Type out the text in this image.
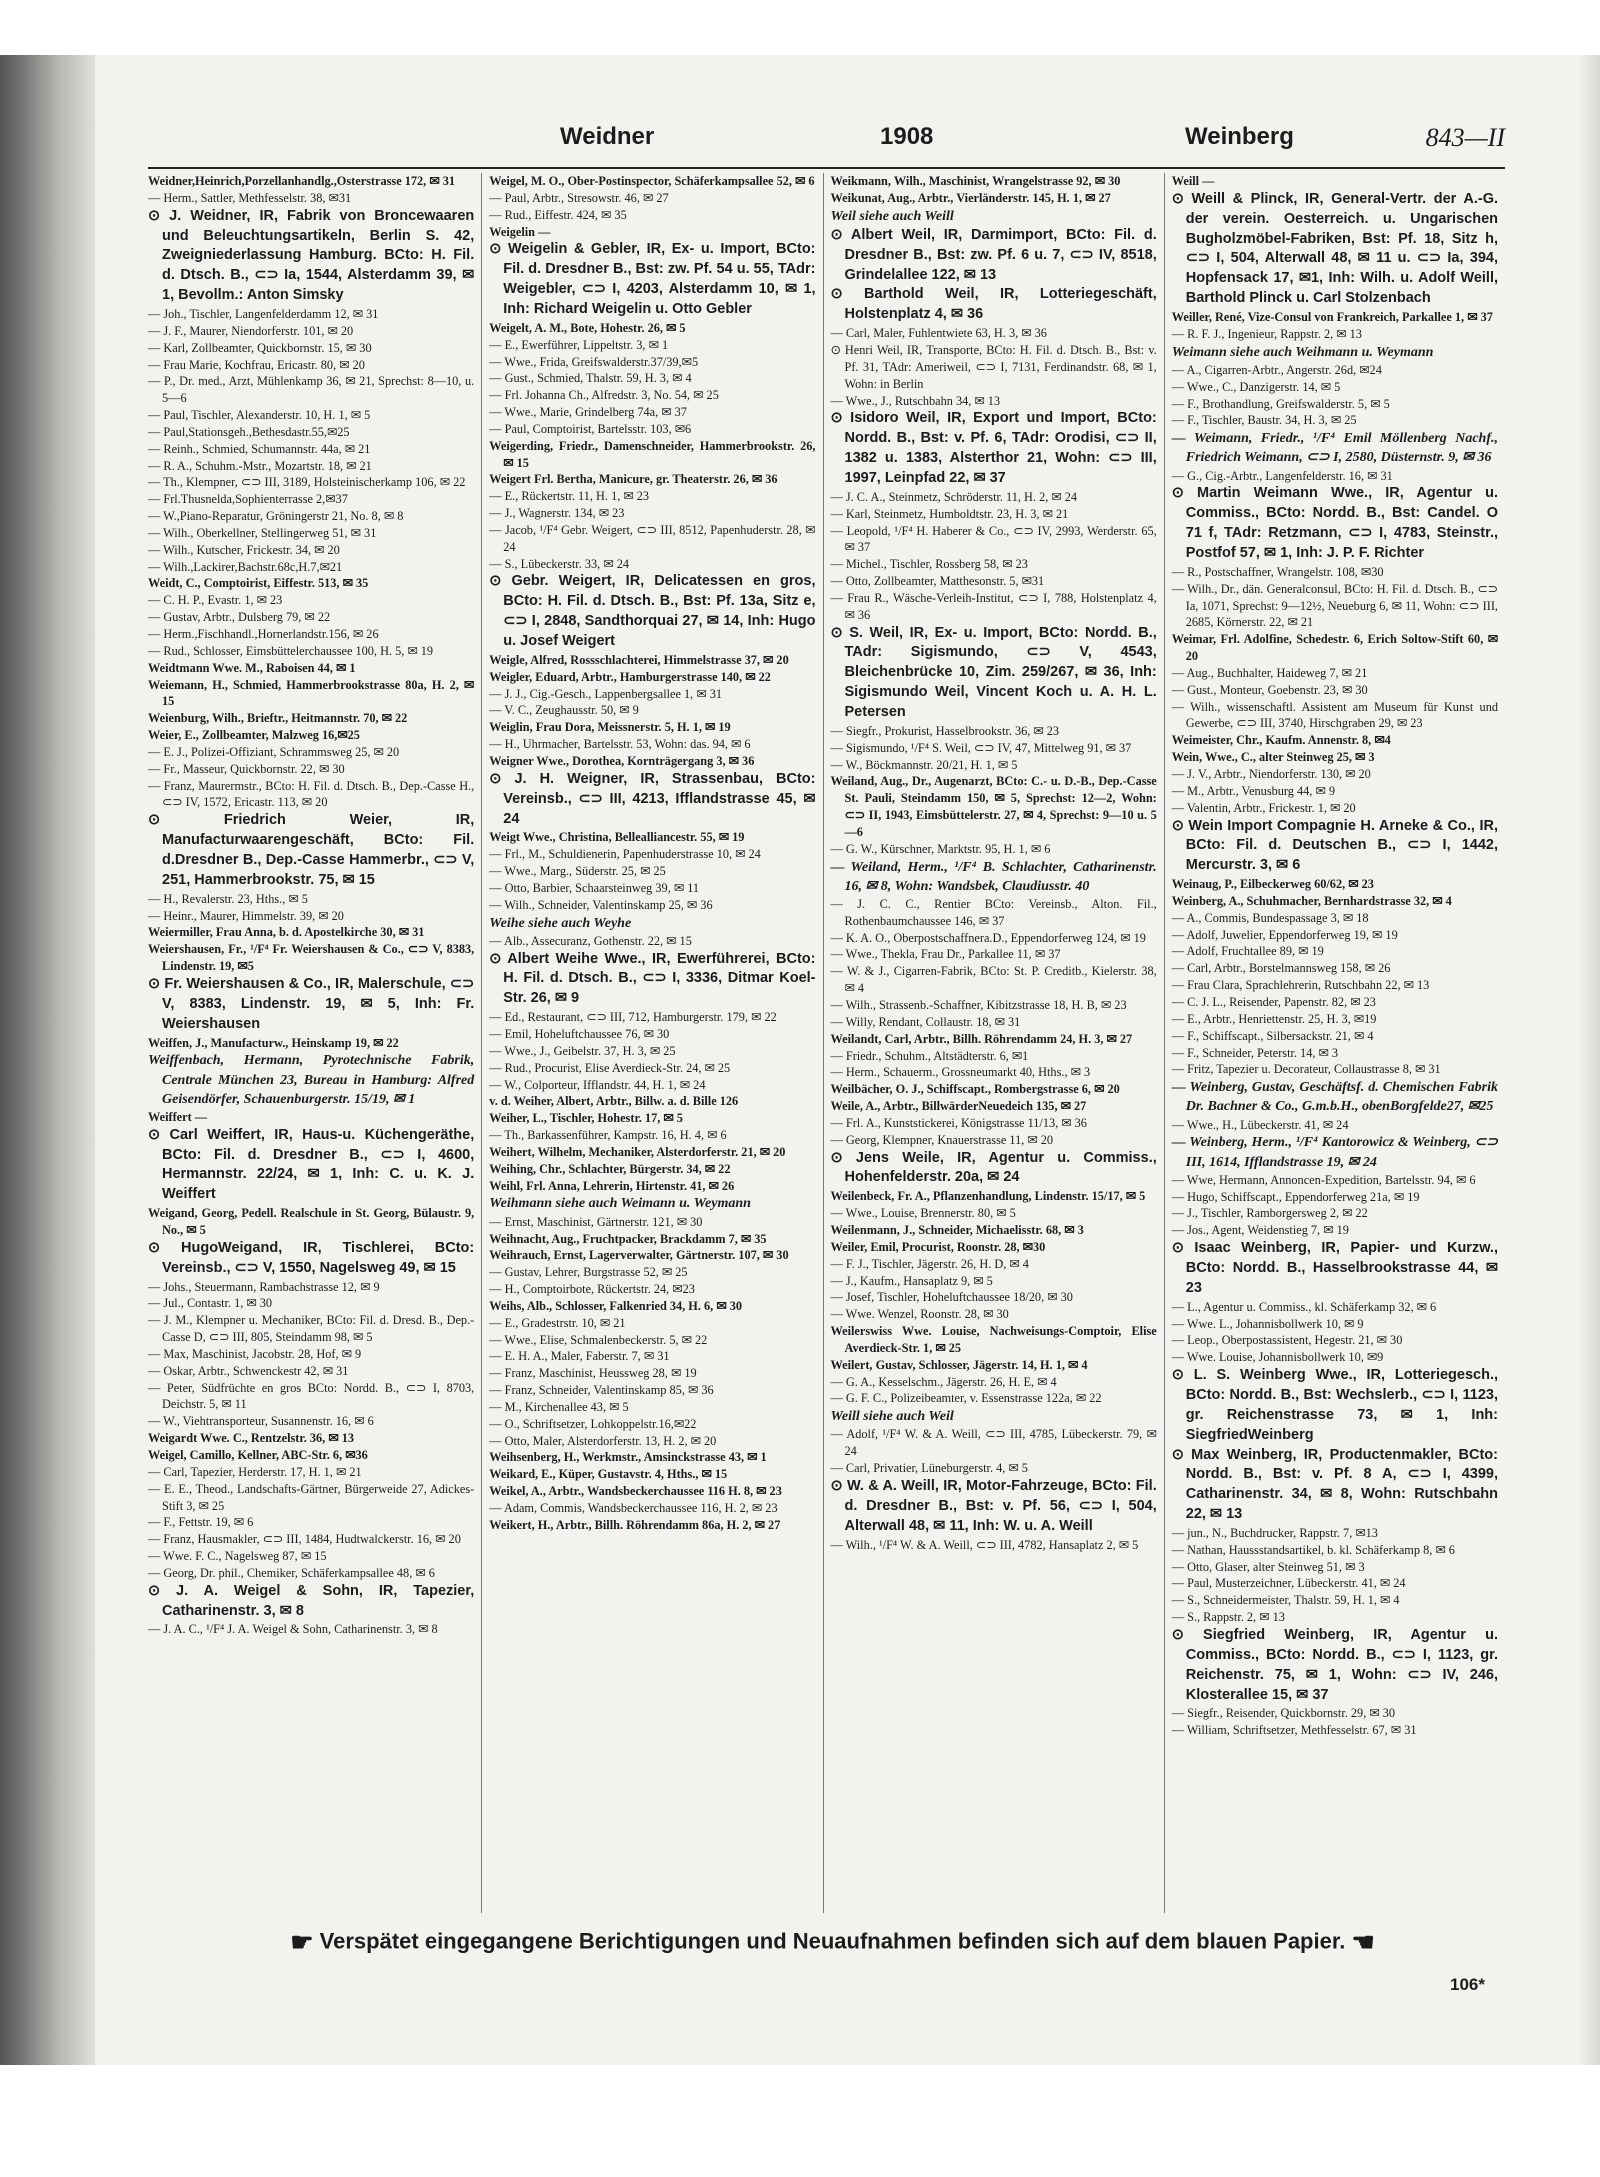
Weidner	1908	Weinberg	843—II
Weidner,Heinrich,Porzellanhandlg.,Osterstrasse 172, ✉ 31
— Herm., Sattler, Methfesselstr. 38, ✉31
⊙ J. Weidner, IR, Fabrik von Broncewaaren und Beleuchtungsartikeln, Berlin S. 42, Zweigniederlassung Hamburg. BCto: H. Fil. d. Dtsch. B., ⊂⊃ Ia, 1544, Alsterdamm 39, ✉ 1, Bevollm.: Anton Simsky
— Joh., Tischler, Langenfelderdamm 12, ✉ 31
— J. F., Maurer, Niendorferstr. 101, ✉ 20
— Karl, Zollbeamter, Quickbornstr. 15, ✉ 30
— Frau Marie, Kochfrau, Ericastr. 80, ✉ 20
— P., Dr. med., Arzt, Mühlenkamp 36, ✉ 21, Sprechst: 8—10, u. 5—6
— Paul, Tischler, Alexanderstr. 10, H. 1, ✉ 5
— Paul,Stationsgeh.,Bethesdastr.55,✉25
— Reinh., Schmied, Schumannstr. 44a, ✉ 21
— R. A., Schuhm.-Mstr., Mozartstr. 18, ✉ 21
— Th., Klempner, ⊂⊃ III, 3189, Holsteinischerkamp 106, ✉ 22
— Frl.Thusnelda,Sophienterrasse 2,✉37
— W.,Piano-Reparatur, Gröningerstr 21, No. 8, ✉ 8
— Wilh., Oberkellner, Stellingerweg 51, ✉ 31
— Wilh., Kutscher, Frickestr. 34, ✉ 20
— Wilh.,Lackirer,Bachstr.68c,H.7,✉21
Weidt, C., Comptoirist, Eiffestr. 513, ✉ 35
— C. H. P., Evastr. 1, ✉ 23
— Gustav, Arbtr., Dulsberg 79, ✉ 22
— Herm.,Fischhandl.,Hornerlandstr.156, ✉ 26
— Rud., Schlosser, Eimsbüttelerchaussee 100, H. 5, ✉ 19
Weidtmann Wwe. M., Raboisen 44, ✉ 1
Weiemann, H., Schmied, Hammerbrookstrasse 80a, H. 2, ✉ 15
Weienburg, Wilh., Brieftr., Heitmannstr. 70, ✉ 22
Weier, E., Zollbeamter, Malzweg 16,✉25
— E. J., Polizei-Offiziant, Schrammsweg 25, ✉ 20
— Fr., Masseur, Quickbornstr. 22, ✉ 30
— Franz, Maurermstr., BCto: H. Fil. d. Dtsch. B., Dep.-Casse H., ⊂⊃ IV, 1572, Ericastr. 113, ✉ 20
⊙ Friedrich Weier, IR, Manufacturwaarengeschäft, BCto: Fil. d.Dresdner B., Dep.-Casse Hammerbr., ⊂⊃ V, 251, Hammerbrookstr. 75, ✉ 15
— H., Revalerstr. 23, Hths., ✉ 5
— Heinr., Maurer, Himmelstr. 39, ✉ 20
Weiermiller, Frau Anna, b. d. Apostelkirche 30, ✉ 31
Weiershausen, Fr., ¹/F⁴ Fr. Weiershausen & Co., ⊂⊃ V, 8383, Lindenstr. 19, ✉5
⊙ Fr. Weiershausen & Co., IR, Malerschule, ⊂⊃ V, 8383, Lindenstr. 19, ✉ 5, Inh: Fr. Weiershausen
Weiffen, J., Manufacturw., Heinskamp 19, ✉ 22
Weiffenbach, Hermann, Pyrotechnische Fabrik, Centrale München 23, Bureau in Hamburg: Alfred Geisendörfer, Schauenburgerstr. 15/19, ✉ 1
Weiffert —
⊙ Carl Weiffert, IR, Haus-u. Küchengeräthe, BCto: Fil. d. Dresdner B., ⊂⊃ I, 4600, Hermannstr. 22/24, ✉ 1, Inh: C. u. K. J. Weiffert
Weigand, Georg, Pedell. Realschule in St. Georg, Bülaustr. 9, No., ✉ 5
⊙ HugoWeigand, IR, Tischlerei, BCto: Vereinsb., ⊂⊃ V, 1550, Nagelsweg 49, ✉ 15
— Johs., Steuermann, Rambachstrasse 12, ✉ 9
— Jul., Contastr. 1, ✉ 30
— J. M., Klempner u. Mechaniker, BCto: Fil. d. Dresd. B., Dep.-Casse D, ⊂⊃ III, 805, Steindamm 98, ✉ 5
— Max, Maschinist, Jacobstr. 28, Hof, ✉ 9
— Oskar, Arbtr., Schwenckestr 42, ✉ 31
— Peter, Südfrüchte en gros BCto: Nordd. B., ⊂⊃ I, 8703, Deichstr. 5, ✉ 11
— W., Viehtransporteur, Susannenstr. 16, ✉ 6
Weigardt Wwe. C., Rentzelstr. 36, ✉ 13
Weigel, Camillo, Kellner, ABC-Str. 6, ✉36
— Carl, Tapezier, Herderstr. 17, H. 1, ✉ 21
— E. E., Theod., Landschafts-Gärtner, Bürgerweide 27, Adickes-Stift 3, ✉ 25
— F., Fettstr. 19, ✉ 6
— Franz, Hausmakler, ⊂⊃ III, 1484, Hudtwalckerstr. 16, ✉ 20
— Wwe. F. C., Nagelsweg 87, ✉ 15
— Georg, Dr. phil., Chemiker, Schäferkampsallee 48, ✉ 6
⊙ J. A. Weigel & Sohn, IR, Tapezier, Catharinenstr. 3, ✉ 8
— J. A. C., ¹/F⁴ J. A. Weigel & Sohn, Catharinenstr. 3, ✉ 8
Weigel, M. O., Ober-Postinspector, Schäferkampsallee 52, ✉ 6
— Paul, Arbtr., Stresowstr. 46, ✉ 27
— Rud., Eiffestr. 424, ✉ 35
Weigelin —
⊙ Weigelin & Gebler, IR, Ex- u. Import, BCto: Fil. d. Dresdner B., Bst: zw. Pf. 54 u. 55, TAdr: Weigebler, ⊂⊃ I, 4203, Alsterdamm 10, ✉ 1, Inh: Richard Weigelin u. Otto Gebler
Weigelt, A. M., Bote, Hohestr. 26, ✉ 5
— E., Ewerführer, Lippeltstr. 3, ✉ 1
— Wwe., Frida, Greifswalderstr.37/39,✉5
— Gust., Schmied, Thalstr. 59, H. 3, ✉ 4
— Frl. Johanna Ch., Alfredstr. 3, No. 54, ✉ 25
— Wwe., Marie, Grindelberg 74a, ✉ 37
— Paul, Comptoirist, Bartelsstr. 103, ✉6
Weigerding, Friedr., Damenschneider, Hammerbrookstr. 26, ✉ 15
Weigert Frl. Bertha, Manicure, gr. Theaterstr. 26, ✉ 36
— E., Rückertstr. 11, H. 1, ✉ 23
— J., Wagnerstr. 134, ✉ 23
— Jacob, ¹/F⁴ Gebr. Weigert, ⊂⊃ III, 8512, Papenhuderstr. 28, ✉ 24
— S., Lübeckerstr. 33, ✉ 24
⊙ Gebr. Weigert, IR, Delicatessen en gros, BCto: H. Fil. d. Dtsch. B., Bst: Pf. 13a, Sitz e, ⊂⊃ I, 2848, Sandthorquai 27, ✉ 14, Inh: Hugo u. Josef Weigert
Weigle, Alfred, Rossschlachterei, Himmelstrasse 37, ✉ 20
Weigler, Eduard, Arbtr., Hamburgerstrasse 140, ✉ 22
— J. J., Cig.-Gesch., Lappenbergsallee 1, ✉ 31
— V. C., Zeughausstr. 50, ✉ 9
Weiglin, Frau Dora, Meissnerstr. 5, H. 1, ✉ 19
— H., Uhrmacher, Bartelsstr. 53, Wohn: das. 94, ✉ 6
Weigner Wwe., Dorothea, Kornträgergang 3, ✉ 36
⊙ J. H. Weigner, IR, Strassenbau, BCto: Vereinsb., ⊂⊃ III, 4213, Ifflandstrasse 45, ✉ 24
Weigt Wwe., Christina, Bellealliancestr. 55, ✉ 19
— Frl., M., Schuldienerin, Papenhuderstrasse 10, ✉ 24
— Wwe., Marg., Süderstr. 25, ✉ 25
— Otto, Barbier, Schaarsteinweg 39, ✉ 11
— Wilh., Schneider, Valentinskamp 25, ✉ 36
Weihe siehe auch Weyhe
— Alb., Assecuranz, Gothenstr. 22, ✉ 15
⊙ Albert Weihe Wwe., IR, Ewerführerei, BCto: H. Fil. d. Dtsch. B., ⊂⊃ I, 3336, Ditmar Koel-Str. 26, ✉ 9
— Ed., Restaurant, ⊂⊃ III, 712, Hamburgerstr. 179, ✉ 22
— Emil, Hoheluftchaussee 76, ✉ 30
— Wwe., J., Geibelstr. 37, H. 3, ✉ 25
— Rud., Procurist, Elise Averdieck-Str. 24, ✉ 25
— W., Colporteur, Ifflandstr. 44, H. 1, ✉ 24
v. d. Weiher, Albert, Arbtr., Billw. a. d. Bille 126
Weiher, L., Tischler, Hohestr. 17, ✉ 5
— Th., Barkassenführer, Kampstr. 16, H. 4, ✉ 6
Weihert, Wilhelm, Mechaniker, Alsterdorferstr. 21, ✉ 20
Weihing, Chr., Schlachter, Bürgerstr. 34, ✉ 22
Weihl, Frl. Anna, Lehrerin, Hirtenstr. 41, ✉ 26
Weihmann siehe auch Weimann u. Weymann
— Ernst, Maschinist, Gärtnerstr. 121, ✉ 30
Weihnacht, Aug., Fruchtpacker, Brackdamm 7, ✉ 35
Weihrauch, Ernst, Lagerverwalter, Gärtnerstr. 107, ✉ 30
— Gustav, Lehrer, Burgstrasse 52, ✉ 25
— H., Comptoirbote, Rückertstr. 24, ✉23
Weihs, Alb., Schlosser, Falkenried 34, H. 6, ✉ 30
— E., Gradestrstr. 10, ✉ 21
— Wwe., Elise, Schmalenbeckerstr. 5, ✉ 22
— E. H. A., Maler, Faberstr. 7, ✉ 31
— Franz, Maschinist, Heussweg 28, ✉ 19
— Franz, Schneider, Valentinskamp 85, ✉ 36
— M., Kirchenallee 43, ✉ 5
— O., Schriftsetzer, Lohkoppelstr.16,✉22
— Otto, Maler, Alsterdorferstr. 13, H. 2, ✉ 20
Weihsenberg, H., Werkmstr., Amsinckstrasse 43, ✉ 1
Weikard, E., Küper, Gustavstr. 4, Hths., ✉ 15
Weikel, A., Arbtr., Wandsbeckerchaussee 116 H. 8, ✉ 23
— Adam, Commis, Wandsbeckerchaussee 116, H. 2, ✉ 23
Weikert, H., Arbtr., Billh. Röhrendamm 86a, H. 2, ✉ 27
Weikmann, Wilh., Maschinist, Wrangelstrasse 92, ✉ 30
Weikunat, Aug., Arbtr., Vierländerstr. 145, H. 1, ✉ 27
Weil siehe auch Weill
⊙ Albert Weil, IR, Darmimport, BCto: Fil. d. Dresdner B., Bst: zw. Pf. 6 u. 7, ⊂⊃ IV, 8518, Grindelallee 122, ✉ 13
⊙ Barthold Weil, IR, Lotteriegeschäft, Holstenplatz 4, ✉ 36
— Carl, Maler, Fuhlentwiete 63, H. 3, ✉ 36
⊙ Henri Weil, IR, Transporte, BCto: H. Fil. d. Dtsch. B., Bst: v. Pf. 31, TAdr: Ameriweil, ⊂⊃ I, 7131, Ferdinandstr. 68, ✉ 1, Wohn: in Berlin
— Wwe., J., Rutschbahn 34, ✉ 13
⊙ Isidoro Weil, IR, Export und Import, BCto: Nordd. B., Bst: v. Pf. 6, TAdr: Orodisi, ⊂⊃ II, 1382 u. 1383, Alsterthor 21, Wohn: ⊂⊃ III, 1997, Leinpfad 22, ✉ 37
— J. C. A., Steinmetz, Schröderstr. 11, H. 2, ✉ 24
— Karl, Steinmetz, Humboldtstr. 23, H. 3, ✉ 21
— Leopold, ¹/F⁴ H. Haberer & Co., ⊂⊃ IV, 2993, Werderstr. 65, ✉ 37
— Michel., Tischler, Rossberg 58, ✉ 23
— Otto, Zollbeamter, Matthesonstr. 5, ✉31
— Frau R., Wäsche-Verleih-Institut, ⊂⊃ I, 788, Holstenplatz 4, ✉ 36
⊙ S. Weil, IR, Ex- u. Import, BCto: Nordd. B., TAdr: Sigismundo, ⊂⊃ V, 4543, Bleichenbrücke 10, Zim. 259/267, ✉ 36, Inh: Sigismundo Weil, Vincent Koch u. A. H. L. Petersen
— Siegfr., Prokurist, Hasselbrookstr. 36, ✉ 23
— Sigismundo, ¹/F⁴ S. Weil, ⊂⊃ IV, 47, Mittelweg 91, ✉ 37
— W., Böckmannstr. 20/21, H. 1, ✉ 5
Weiland, Aug., Dr., Augenarzt, BCto: C.- u. D.-B., Dep.-Casse St. Pauli, Steindamm 150, ✉ 5, Sprechst: 12—2, Wohn: ⊂⊃ II, 1943, Eimsbüttelerstr. 27, ✉ 4, Sprechst: 9—10 u. 5—6
— G. W., Kürschner, Marktstr. 95, H. 1, ✉ 6
— Weiland, Herm., ¹/F⁴ B. Schlachter, Catharinenstr. 16, ✉ 8, Wohn: Wandsbek, Claudiusstr. 40
— J. C. C., Rentier BCto: Vereinsb., Alton. Fil., Rothenbaumchaussee 146, ✉ 37
— K. A. O., Oberpostschaffnera.D., Eppendorferweg 124, ✉ 19
— Wwe., Thekla, Frau Dr., Parkallee 11, ✉ 37
— W. & J., Cigarren-Fabrik, BCto: St. P. Creditb., Kielerstr. 38, ✉ 4
— Wilh., Strassenb.-Schaffner, Kibitzstrasse 18, H. B, ✉ 23
— Willy, Rendant, Collaustr. 18, ✉ 31
Weilandt, Carl, Arbtr., Billh. Röhrendamm 24, H. 3, ✉ 27
— Friedr., Schuhm., Altstädterstr. 6, ✉1
— Herm., Schauerm., Grossneumarkt 40, Hths., ✉ 3
Weilbächer, O. J., Schiffscapt., Rombergstrasse 6, ✉ 20
Weile, A., Arbtr., BillwärderNeuedeich 135, ✉ 27
— Frl. A., Kunststickerei, Königstrasse 11/13, ✉ 36
— Georg, Klempner, Knauerstrasse 11, ✉ 20
⊙ Jens Weile, IR, Agentur u. Commiss., Hohenfelderstr. 20a, ✉ 24
Weilenbeck, Fr. A., Pflanzenhandlung, Lindenstr. 15/17, ✉ 5
— Wwe., Louise, Brennerstr. 80, ✉ 5
Weilenmann, J., Schneider, Michaelisstr. 68, ✉ 3
Weiler, Emil, Procurist, Roonstr. 28, ✉30
— F. J., Tischler, Jägerstr. 26, H. D, ✉ 4
— J., Kaufm., Hansaplatz 9, ✉ 5
— Josef, Tischler, Hoheluftchaussee 18/20, ✉ 30
— Wwe. Wenzel, Roonstr. 28, ✉ 30
Weilerswiss Wwe. Louise, Nachweisungs-Comptoir, Elise Averdieck-Str. 1, ✉ 25
Weilert, Gustav, Schlosser, Jägerstr. 14, H. 1, ✉ 4
— G. A., Kesselschm., Jägerstr. 26, H. E, ✉ 4
— G. F. C., Polizeibeamter, v. Essenstrasse 122a, ✉ 22
Weill siehe auch Weil
— Adolf, ¹/F⁴ W. & A. Weill, ⊂⊃ III, 4785, Lübeckerstr. 79, ✉ 24
— Carl, Privatier, Lüneburgerstr. 4, ✉ 5
⊙ W. & A. Weill, IR, Motor-Fahrzeuge, BCto: Fil. d. Dresdner B., Bst: v. Pf. 56, ⊂⊃ I, 504, Alterwall 48, ✉ 11, Inh: W. u. A. Weill
— Wilh., ¹/F⁴ W. & A. Weill, ⊂⊃ III, 4782, Hansaplatz 2, ✉ 5
Weill —
⊙ Weill & Plinck, IR, General-Vertr. der A.-G. der verein. Oesterreich. u. Ungarischen Bugholzmöbel-Fabriken, Bst: Pf. 18, Sitz h, ⊂⊃ I, 504, Alterwall 48, ✉ 11 u. ⊂⊃ Ia, 394, Hopfensack 17, ✉1, Inh: Wilh. u. Adolf Weill, Barthold Plinck u. Carl Stolzenbach
Weiller, René, Vize-Consul von Frankreich, Parkallee 1, ✉ 37
— R. F. J., Ingenieur, Rappstr. 2, ✉ 13
Weimann siehe auch Weihmann u. Weymann
— A., Cigarren-Arbtr., Angerstr. 26d, ✉24
— Wwe., C., Danzigerstr. 14, ✉ 5
— F., Brothandlung, Greifswalderstr. 5, ✉ 5
— F., Tischler, Baustr. 34, H. 3, ✉ 25
— Weimann, Friedr., ¹/F⁴ Emil Möllenberg Nachf., Friedrich Weimann, ⊂⊃ I, 2580, Düsternstr. 9, ✉ 36
— G., Cig.-Arbtr., Langenfelderstr. 16, ✉ 31
⊙ Martin Weimann Wwe., IR, Agentur u. Commiss., BCto: Nordd. B., Bst: Candel. O 71 f, TAdr: Retzmann, ⊂⊃ I, 4783, Steinstr., Postfof 57, ✉ 1, Inh: J. P. F. Richter
— R., Postschaffner, Wrangelstr. 108, ✉30
— Wilh., Dr., dän. Generalconsul, BCto: H. Fil. d. Dtsch. B., ⊂⊃ Ia, 1071, Sprechst: 9—12½, Neueburg 6, ✉ 11, Wohn: ⊂⊃ III, 2685, Körnerstr. 22, ✉ 21
Weimar, Frl. Adolfine, Schedestr. 6, Erich Soltow-Stift 60, ✉ 20
— Aug., Buchhalter, Haideweg 7, ✉ 21
— Gust., Monteur, Goebenstr. 23, ✉ 30
— Wilh., wissenschaftl. Assistent am Museum für Kunst und Gewerbe, ⊂⊃ III, 3740, Hirschgraben 29, ✉ 23
Weimeister, Chr., Kaufm. Annenstr. 8, ✉4
Wein, Wwe., C., alter Steinweg 25, ✉ 3
— J. V., Arbtr., Niendorferstr. 130, ✉ 20
— M., Arbtr., Venusburg 44, ✉ 9
— Valentin, Arbtr., Frickestr. 1, ✉ 20
⊙ Wein Import Compagnie H. Arneke & Co., IR, BCto: Fil. d. Deutschen B., ⊂⊃ I, 1442, Mercurstr. 3, ✉ 6
Weinaug, P., Eilbeckerweg 60/62, ✉ 23
Weinberg, A., Schuhmacher, Bernhardstrasse 32, ✉ 4
— A., Commis, Bundespassage 3, ✉ 18
— Adolf, Juwelier, Eppendorferweg 19, ✉ 19
— Adolf, Fruchtallee 89, ✉ 19
— Carl, Arbtr., Borstelmannsweg 158, ✉ 26
— Frau Clara, Sprachlehrerin, Rutschbahn 22, ✉ 13
— C. J. L., Reisender, Papenstr. 82, ✉ 23
— E., Arbtr., Henriettenstr. 25, H. 3, ✉19
— F., Schiffscapt., Silbersackstr. 21, ✉ 4
— F., Schneider, Peterstr. 14, ✉ 3
— Fritz, Tapezier u. Decorateur, Collaustrasse 8, ✉ 31
— Weinberg, Gustav, Geschäftsf. d. Chemischen Fabrik Dr. Bachner & Co., G.m.b.H., obenBorgfelde27, ✉25
— Wwe., H., Lübeckerstr. 41, ✉ 24
— Weinberg, Herm., ¹/F⁴ Kantorowicz & Weinberg, ⊂⊃ III, 1614, Ifflandstrasse 19, ✉ 24
— Wwe, Hermann, Annoncen-Expedition, Bartelsstr. 94, ✉ 6
— Hugo, Schiffscapt., Eppendorferweg 21a, ✉ 19
— J., Tischler, Ramborgersweg 2, ✉ 22
— Jos., Agent, Weidenstieg 7, ✉ 19
⊙ Isaac Weinberg, IR, Papier- und Kurzw., BCto: Nordd. B., Hasselbrookstrasse 44, ✉ 23
— L., Agentur u. Commiss., kl. Schäferkamp 32, ✉ 6
— Wwe. L., Johannisbollwerk 10, ✉ 9
— Leop., Oberpostassistent, Hegestr. 21, ✉ 30
— Wwe. Louise, Johannisbollwerk 10, ✉9
⊙ L. S. Weinberg Wwe., IR, Lotteriegesch., BCto: Nordd. B., Bst: Wechslerb., ⊂⊃ I, 1123, gr. Reichenstrasse 73, ✉ 1, Inh: SiegfriedWeinberg
⊙ Max Weinberg, IR, Productenmakler, BCto: Nordd. B., Bst: v. Pf. 8 A, ⊂⊃ I, 4399, Catharinenstr. 34, ✉ 8, Wohn: Rutschbahn 22, ✉ 13
— jun., N., Buchdrucker, Rappstr. 7, ✉13
— Nathan, Haussstandsartikel, b. kl. Schäferkamp 8, ✉ 6
— Otto, Glaser, alter Steinweg 51, ✉ 3
— Paul, Musterzeichner, Lübeckerstr. 41, ✉ 24
— S., Schneidermeister, Thalstr. 59, H. 1, ✉ 4
— S., Rappstr. 2, ✉ 13
⊙ Siegfried Weinberg, IR, Agentur u. Commiss., BCto: Nordd. B., ⊂⊃ I, 1123, gr. Reichenstr. 75, ✉ 1, Wohn: ⊂⊃ IV, 246, Klosterallee 15, ✉ 37
— Siegfr., Reisender, Quickbornstr. 29, ✉ 30
— William, Schriftsetzer, Methfesselstr. 67, ✉ 31
☛ Verspätet eingegangene Berichtigungen und Neuaufnahmen befinden sich auf dem blauen Papier. ☚
106*
